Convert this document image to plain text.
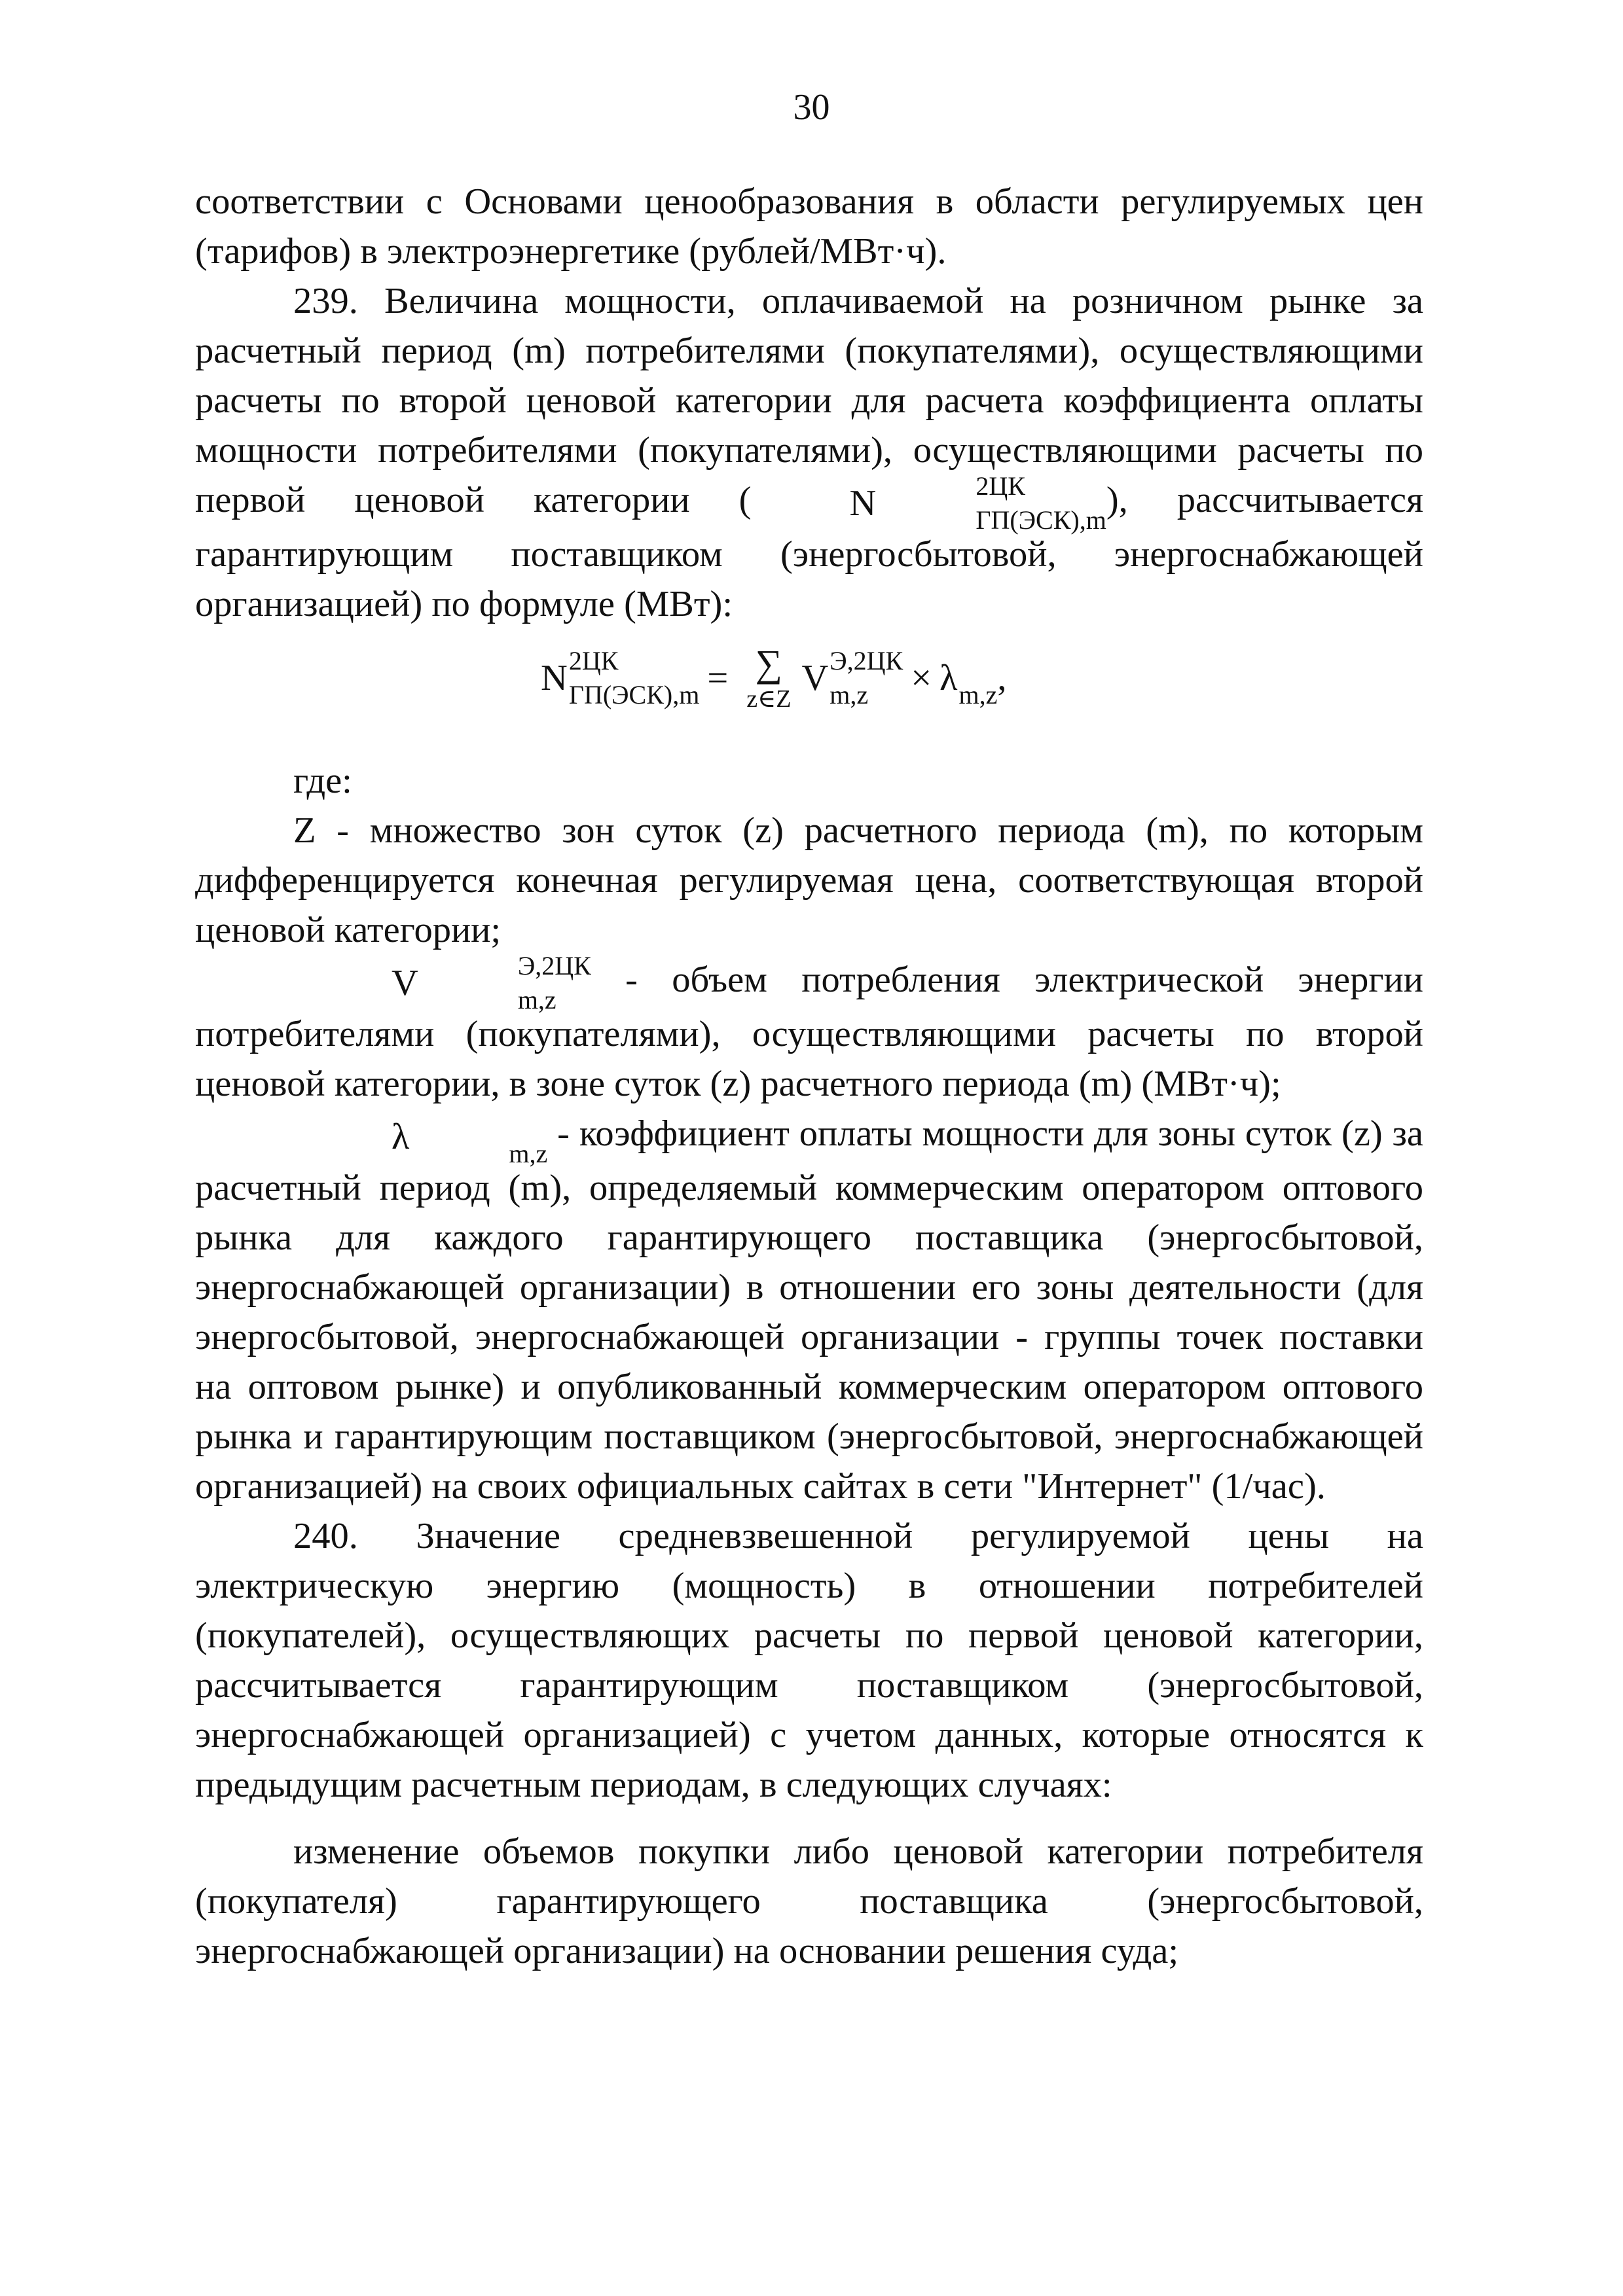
30

соответствии с Основами ценообразования в области регулируемых цен (тарифов) в электроэнергетике (рублей/МВт·ч).

239. Величина мощности, оплачиваемой на розничном рынке за расчетный период (m) потребителями (покупателями), осуществляющими расчеты по второй ценовой категории для расчета коэффициента оплаты мощности потребителями (покупателями), осуществляющими расчеты по первой ценовой категории (	N	2ЦК
ГП(ЭСК),m ), рассчитывается гарантирующим поставщиком (энергосбытовой, энергоснабжающей организацией) по формуле (МВт):

N 2ЦК
ГП(ЭСК),m = ∑
z∈Z
V Э,2ЦК
m,z	× λ
m,z ,

где:

Z - множество зон суток (z) расчетного периода (m), по которым дифференцируется конечная регулируемая цена, соответствующая второй ценовой категории;

V	Э,2ЦК
m,z - объем потребления электрической энергии потребителями (покупателями), осуществляющими расчеты по второй ценовой категории, в зоне суток (z) расчетного периода (m) (МВт·ч);

λ
	m,z - коэффициент оплаты мощности для зоны суток (z) за расчетный период (m), определяемый коммерческим оператором оптового рынка для каждого гарантирующего поставщика (энергосбытовой, энергоснабжающей организации) в отношении его зоны деятельности (для энергосбытовой, энергоснабжающей организации - группы точек поставки на оптовом рынке) и опубликованный коммерческим оператором оптового рынка и гарантирующим поставщиком (энергосбытовой, энергоснабжающей организацией) на своих официальных сайтах в сети "Интернет" (1/час).

240. Значение средневзвешенной регулируемой цены на электрическую энергию (мощность) в отношении потребителей (покупателей), осуществляющих расчеты по первой ценовой категории, рассчитывается гарантирующим поставщиком (энергосбытовой, энергоснабжающей организацией) с учетом данных, которые относятся к предыдущим расчетным периодам, в следующих случаях:

изменение объемов покупки либо ценовой категории потребителя (покупателя) гарантирующего поставщика (энергосбытовой, энергоснабжающей организации) на основании решения суда;
